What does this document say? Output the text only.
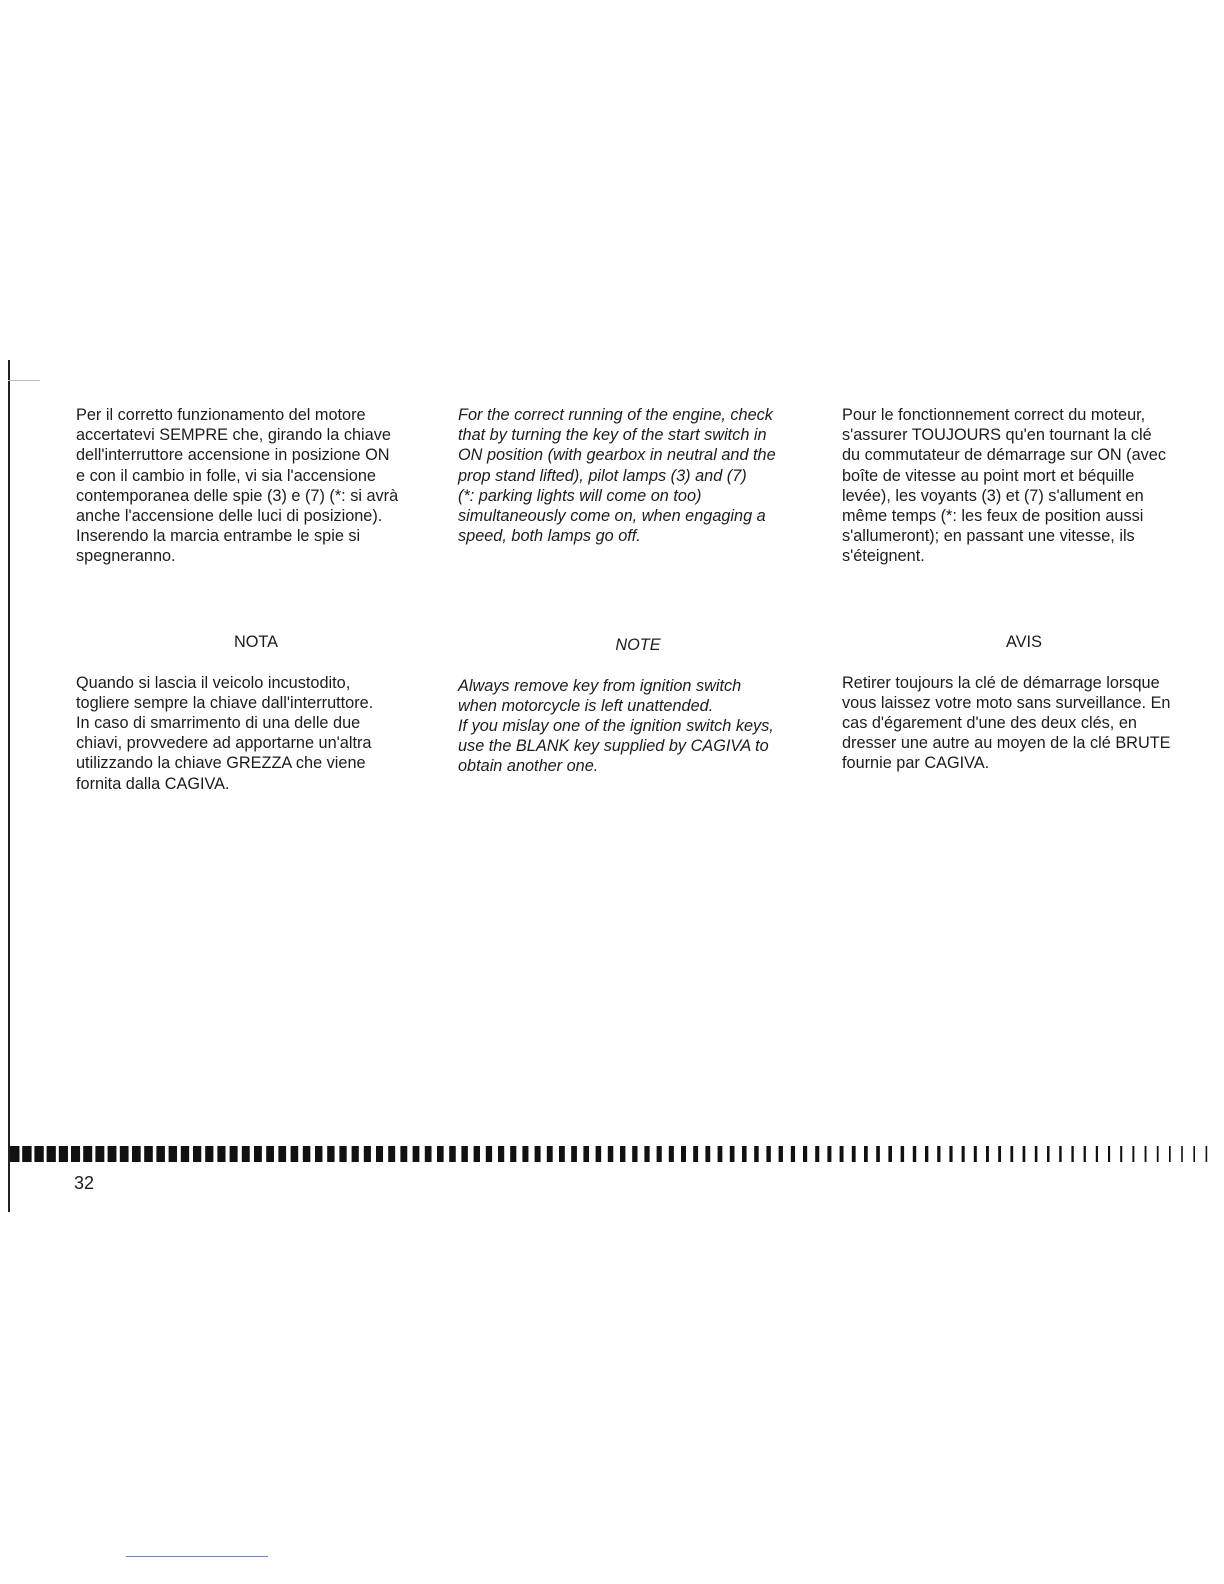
Per il corretto funzionamento del motore
accertatevi SEMPRE che, girando la chiave
dell'interruttore accensione in posizione ON
e con il cambio in folle, vi sia l'accensione
contemporanea delle spie (3) e (7) (*: si avrà
anche l'accensione delle luci di posizione).
Inserendo la marcia entrambe le spie si
spegneranno.

NOTA

Quando si lascia il veicolo incustodito,
togliere sempre la chiave dall'interruttore.
In caso di smarrimento di una delle due
chiavi, provvedere ad apportarne un'altra
utilizzando la chiave GREZZA che viene
fornita dalla CAGIVA.

For the correct running of the engine, check
that by turning the key of the start switch in
ON position (with gearbox in neutral and the
prop stand lifted), pilot lamps (3) and (7)
(*: parking lights will come on too)
simultaneously come on, when engaging a
speed, both lamps go off.

NOTE

Always remove key from ignition switch
when motorcycle is left unattended.
If you mislay one of the ignition switch keys,
use the BLANK key supplied by CAGIVA to
obtain another one.

Pour le fonctionnement correct du moteur,
s'assurer TOUJOURS qu'en tournant la clé
du commutateur de démarrage sur ON (avec
boîte de vitesse au point mort et béquille
levée), les voyants (3) et (7) s'allument en
même temps (*: les feux de position aussi
s'allumeront); en passant une vitesse, ils
s'éteignent.

AVIS

Retirer toujours la clé de démarrage lorsque
vous laissez votre moto sans surveillance. En
cas d'égarement d'une des deux clés, en
dresser une autre au moyen de la clé BRUTE
fournie par CAGIVA.

32
